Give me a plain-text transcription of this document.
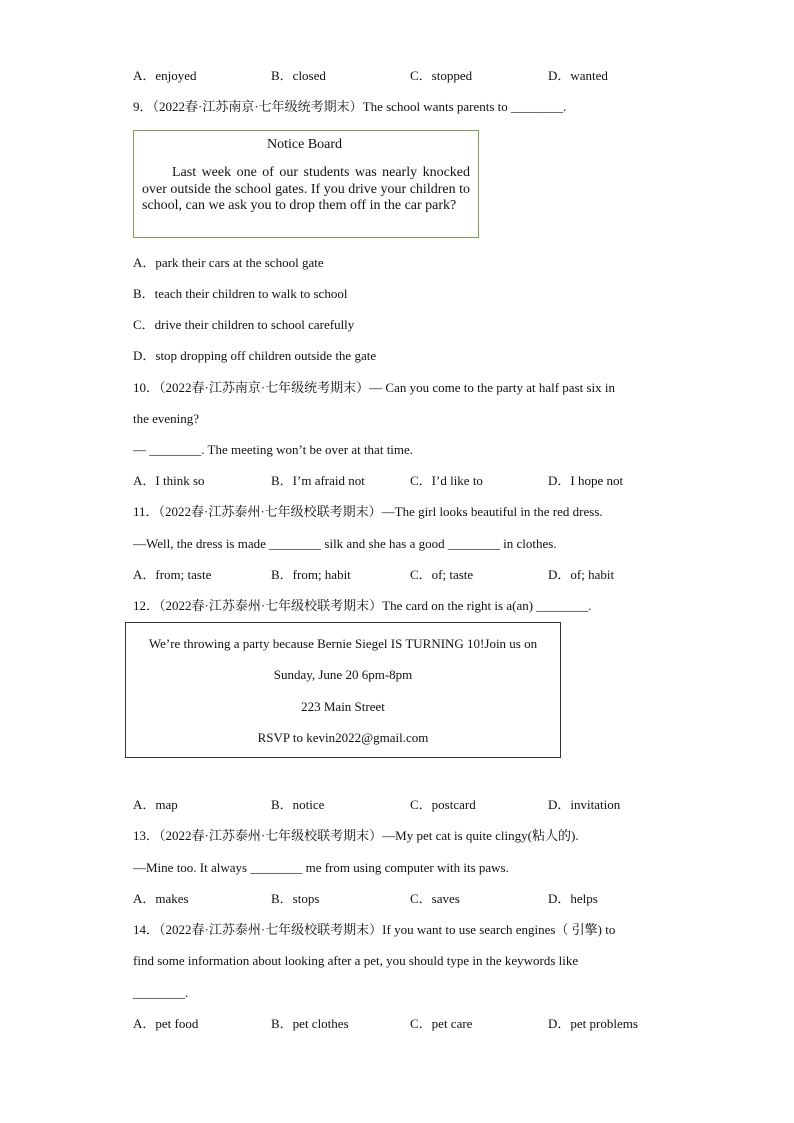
A．enjoyed	B．closed	C．stopped	D．wanted
9．（2022春·江苏南京·七年级统考期末）The school wants parents to ________.
Notice Board
Last week one of our students was nearly knocked over outside the school gates. If you drive your children to school, can we ask you to drop them off in the car park?
A．park their cars at the school gate
B．teach their children to walk to school
C．drive their children to school carefully
D．stop dropping off children outside the gate
10．（2022春·江苏南京·七年级统考期末）— Can you come to the party at half past six in
the evening?
— ________. The meeting won’t be over at that time.
A．I think so	B．I’m afraid not	C．I’d like to	D．I hope not
11．（2022春·江苏泰州·七年级校联考期末）—The girl looks beautiful in the red dress.
—Well, the dress is made ________ silk and she has a good ________ in clothes.
A．from; taste	B．from; habit	C．of; taste	D．of; habit
12．（2022春·江苏泰州·七年级校联考期末）The card on the right is a(an) ________.
We’re throwing a party because Bernie Siegel IS TURNING 10!Join us on
Sunday, June 20 6pm-8pm
223 Main Street
RSVP to kevin2022@gmail.com
A．map	B．notice	C．postcard	D．invitation
13．（2022春·江苏泰州·七年级校联考期末）—My pet cat is quite clingy(粘人的).
—Mine too. It always ________ me from using computer with its paws.
A．makes	B．stops	C．saves	D．helps
14．（2022春·江苏泰州·七年级校联考期末）If you want to use search engines（ 引擎) to
find some information about looking after a pet, you should type in the keywords like
________.
A．pet food	B．pet clothes	C．pet care	D．pet problems
